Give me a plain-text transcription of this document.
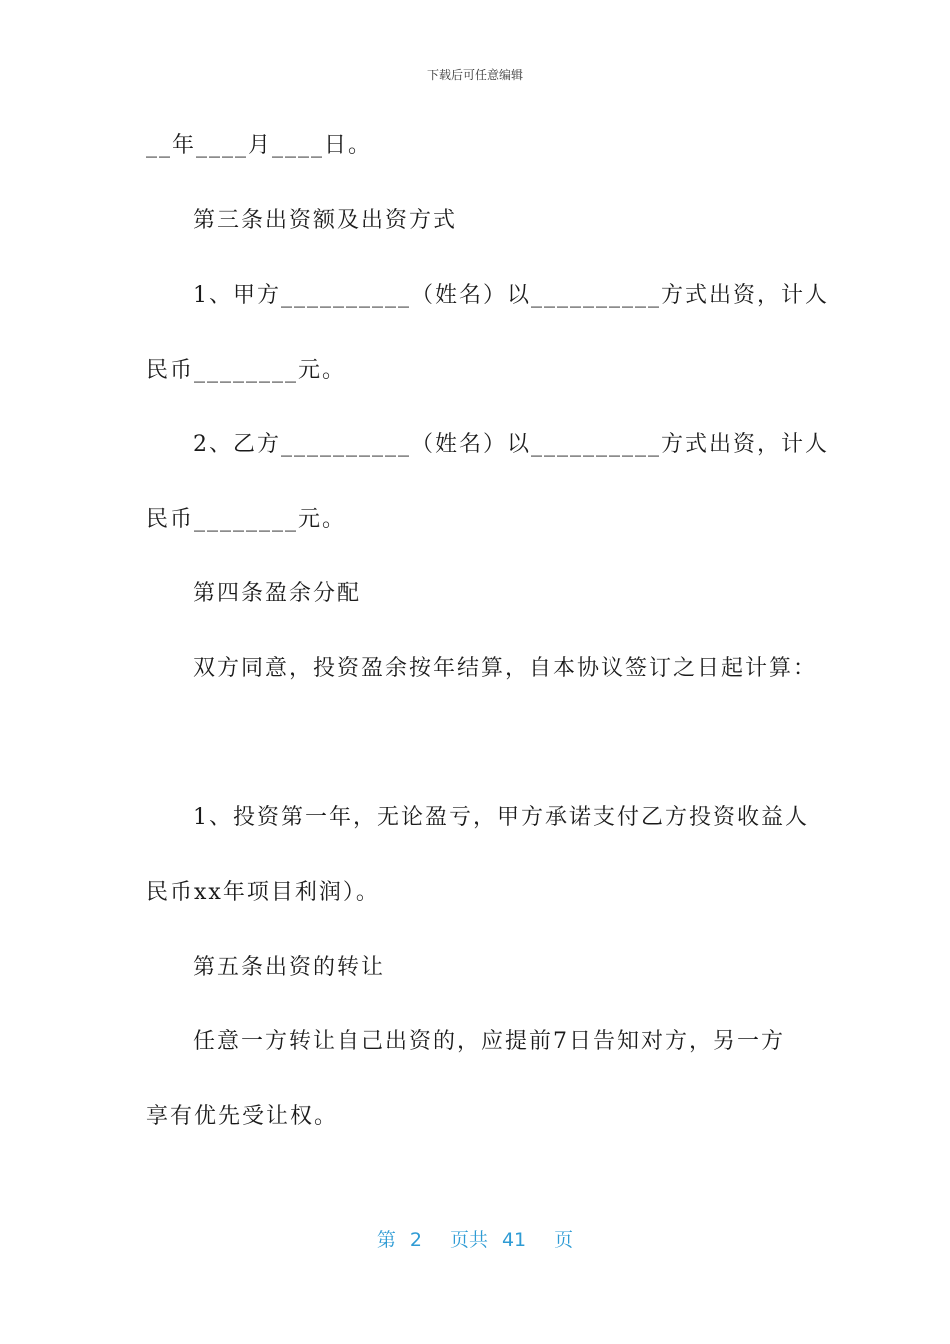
下载后可任意编辑
__年____月____日。
第三条出资额及出资方式
1、甲方__________（姓名）以__________方式出资，计人
民币________元。
2、乙方__________（姓名）以__________方式出资，计人
民币________元。
第四条盈余分配
双方同意，投资盈余按年结算，自本协议签订之日起计算：
1、投资第一年，无论盈亏，甲方承诺支付乙方投资收益人
民币xx年项目利润）。
第五条出资的转让
任意一方转让自己出资的，应提前7日告知对方，另一方
享有优先受让权。
第 2 页共 41 页
